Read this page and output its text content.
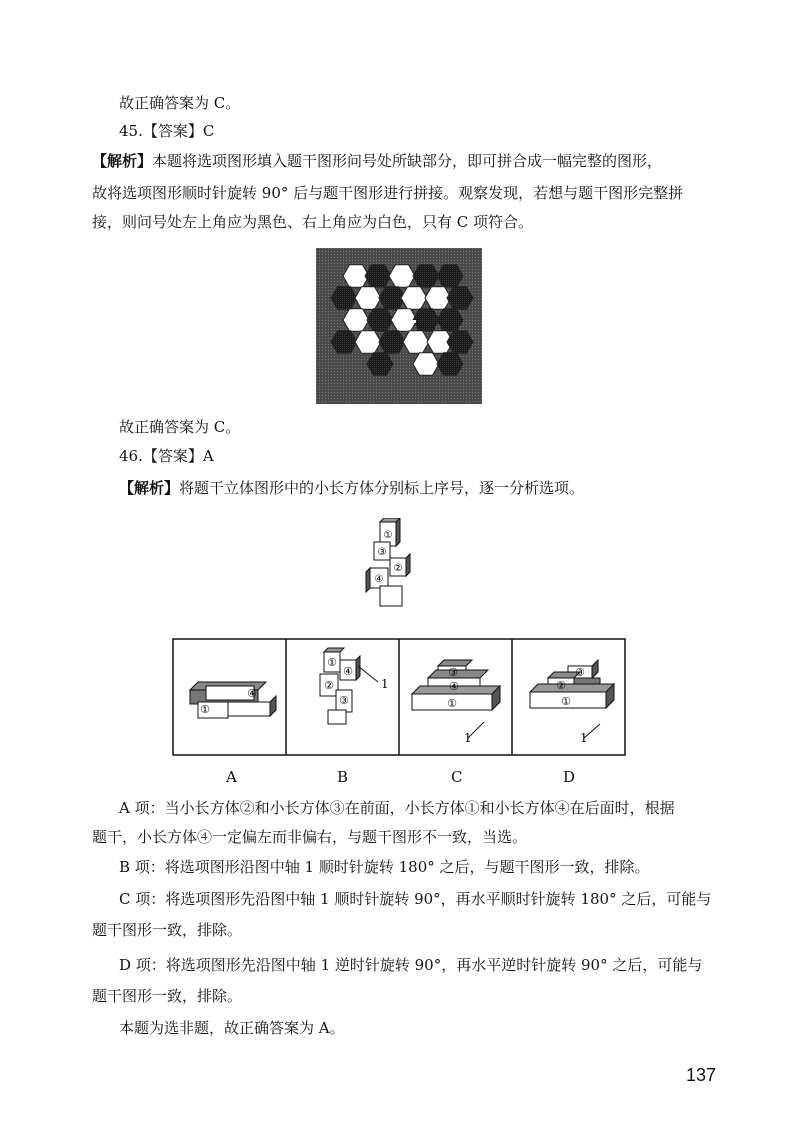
故正确答案为 C。
45.【答案】C
【解析】本题将选项图形填入题干图形问号处所缺部分，即可拼合成一幅完整的图形，
故将选项图形顺时针旋转 90° 后与题干图形进行拼接。观察发现，若想与题干图形完整拼
接，则问号处左上角应为黑色、右上角应为白色，只有 C 项符合。
故正确答案为 C。
46.【答案】A
【解析】将题干立体图形中的小长方体分别标上序号，逐一分析选项。
①
③
②
④
④
①
①
④
②
③
1
③
④
①
1
③
②
①
1
A	B	C	D
A 项：当小长方体②和小长方体③在前面，小长方体①和小长方体④在后面时，根据
题干，小长方体④一定偏左而非偏右，与题干图形不一致，当选。
B 项：将选项图形沿图中轴 1 顺时针旋转 180° 之后，与题干图形一致，排除。
C 项：将选项图形先沿图中轴 1 顺时针旋转 90°，再水平顺时针旋转 180° 之后，可能与
题干图形一致，排除。
D 项：将选项图形先沿图中轴 1 逆时针旋转 90°，再水平逆时针旋转 90° 之后，可能与
题干图形一致，排除。
本题为选非题，故正确答案为 A。
137
